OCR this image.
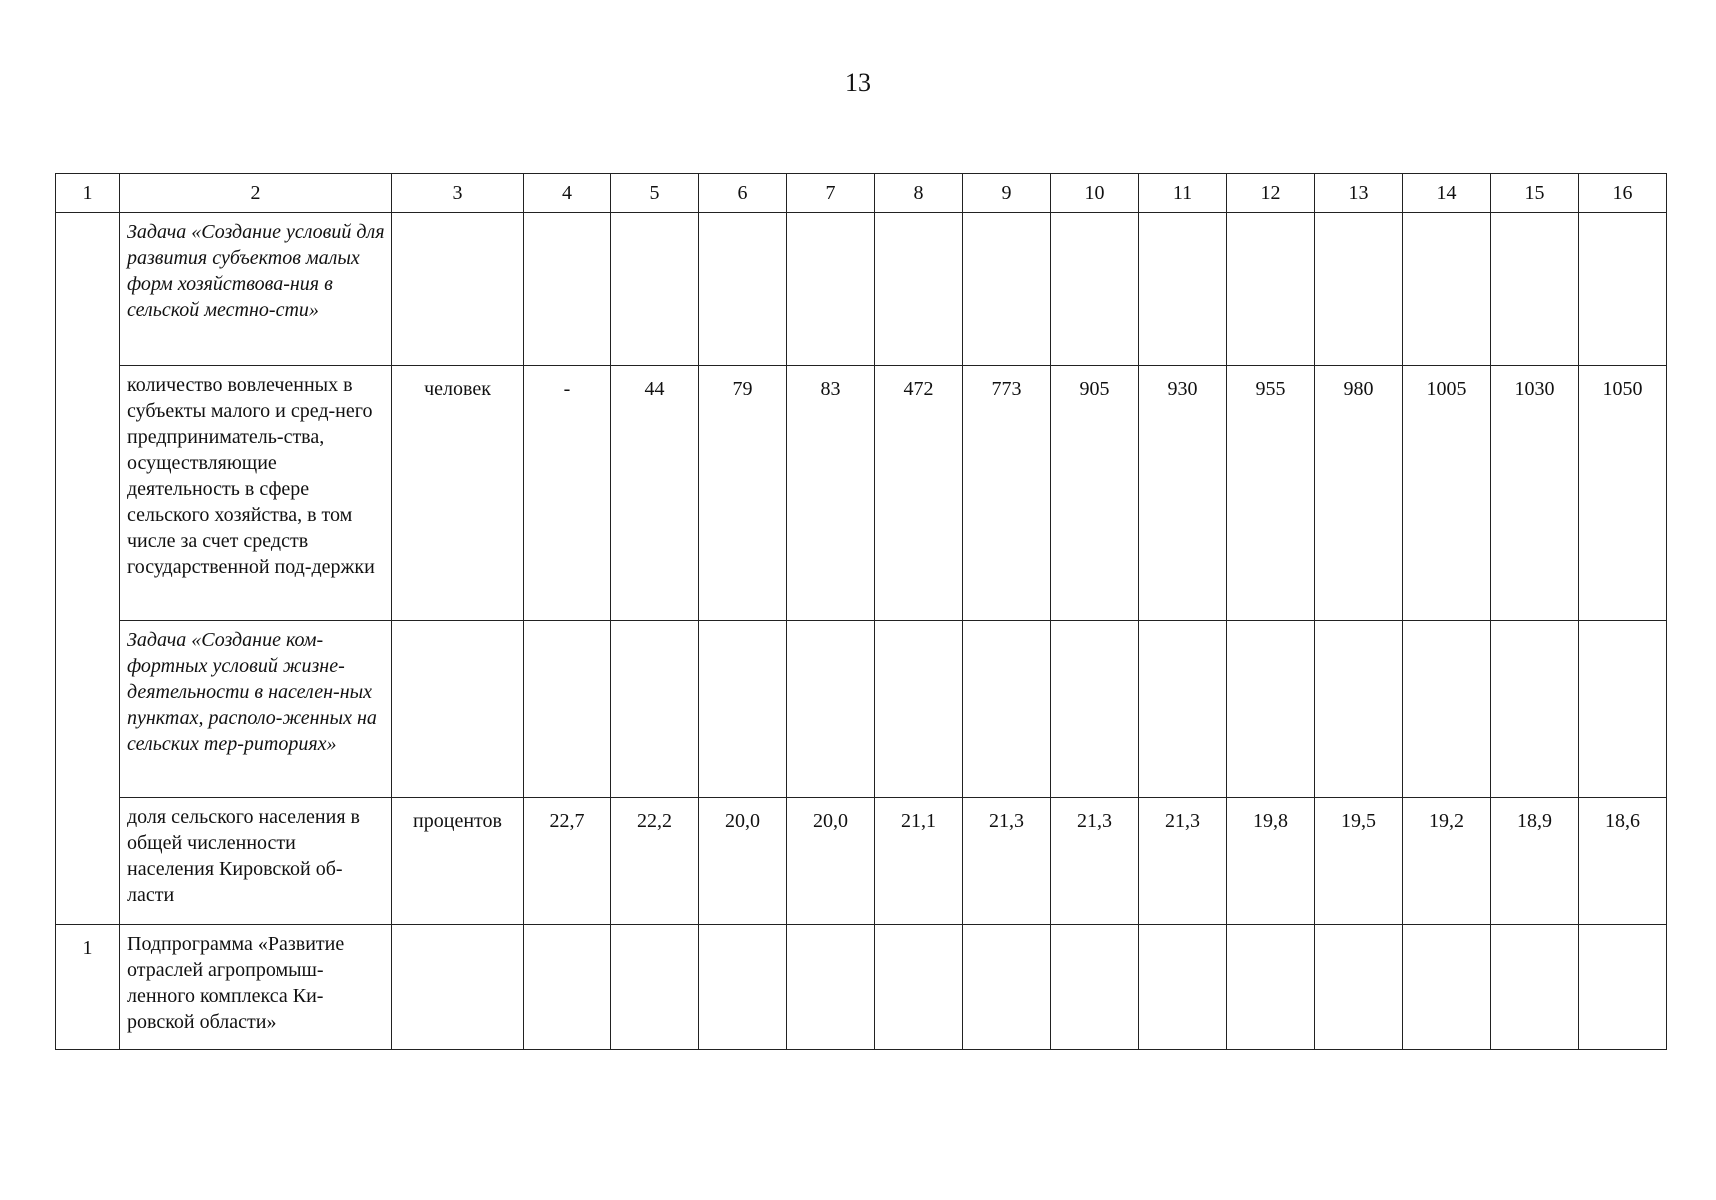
13
1	2	3	4	5	6	7	8	9	10	11	12	13	14	15	16
	Задача «Создание условий для развития субъектов малых форм хозяйствова-ния в сельской местно-сти»														
	количество вовлеченных в субъекты малого и сред-него предприниматель-ства, осуществляющие деятельность в сфере сельского хозяйства, в том числе за счет средств государственной под-держки	человек	-	44	79	83	472	773	905	930	955	980	1005	1030	1050
	Задача «Создание ком-фортных условий жизне-деятельности в населен-ных пунктах, располо-женных на сельских тер-риториях»														
	доля сельского населения в общей численности населения Кировской об-ласти	процентов	22,7	22,2	20,0	20,0	21,1	21,3	21,3	21,3	19,8	19,5	19,2	18,9	18,6
1	Подпрограмма «Развитие отраслей агропромыш-ленного комплекса Ки-ровской области»														
